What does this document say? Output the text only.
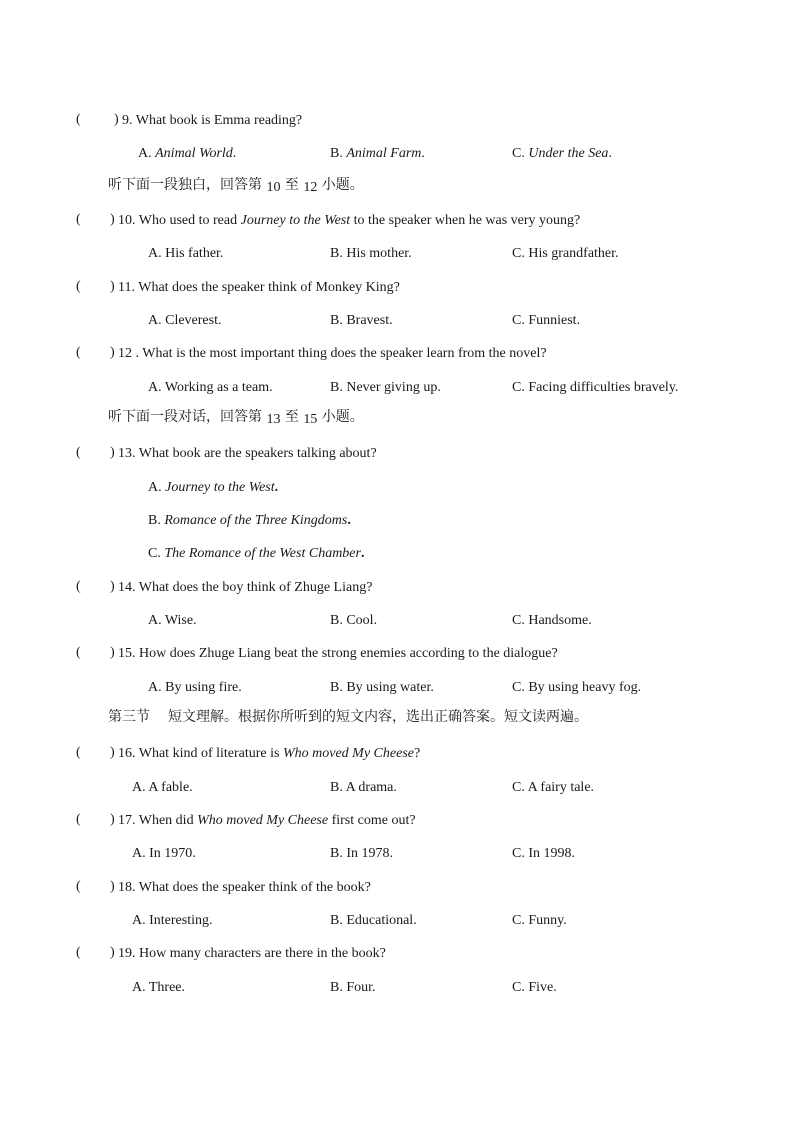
( ) 9. What book is Emma reading?
A. Animal World.	B. Animal Farm.	C. Under the Sea.
听下面一段独白，回答第 10 至 12 小题。
( ) 10. Who used to read Journey to the West to the speaker when he was very young?
A. His father.	B. His mother.	C. His grandfather.
( ) 11. What does the speaker think of Monkey King?
A. Cleverest.	B. Bravest.	C. Funniest.
( ) 12 . What is the most important thing does the speaker learn from the novel?
A. Working as a team.	B. Never giving up.	C. Facing difficulties bravely.
听下面一段对话，回答第 13 至 15 小题。
( ) 13. What book are the speakers talking about?
A. Journey to the West.
B. Romance of the Three Kingdoms.
C. The Romance of the West Chamber.
( ) 14. What does the boy think of Zhuge Liang?
A. Wise.	B. Cool.	C. Handsome.
( ) 15. How does Zhuge Liang beat the strong enemies according to the dialogue?
A. By using fire.	B. By using water.	C. By using heavy fog.
第三节 短文理解。根据你所听到的短文内容，选出正确答案。短文读两遍。
( ) 16. What kind of literature is Who moved My Cheese?
A. A fable.	B. A drama.	C. A fairy tale.
( ) 17. When did Who moved My Cheese first come out?
A. In 1970.	B. In 1978.	C. In 1998.
( ) 18. What does the speaker think of the book?
A. Interesting.	B. Educational.	C. Funny.
( ) 19. How many characters are there in the book?
A. Three.	B. Four.	C. Five.
